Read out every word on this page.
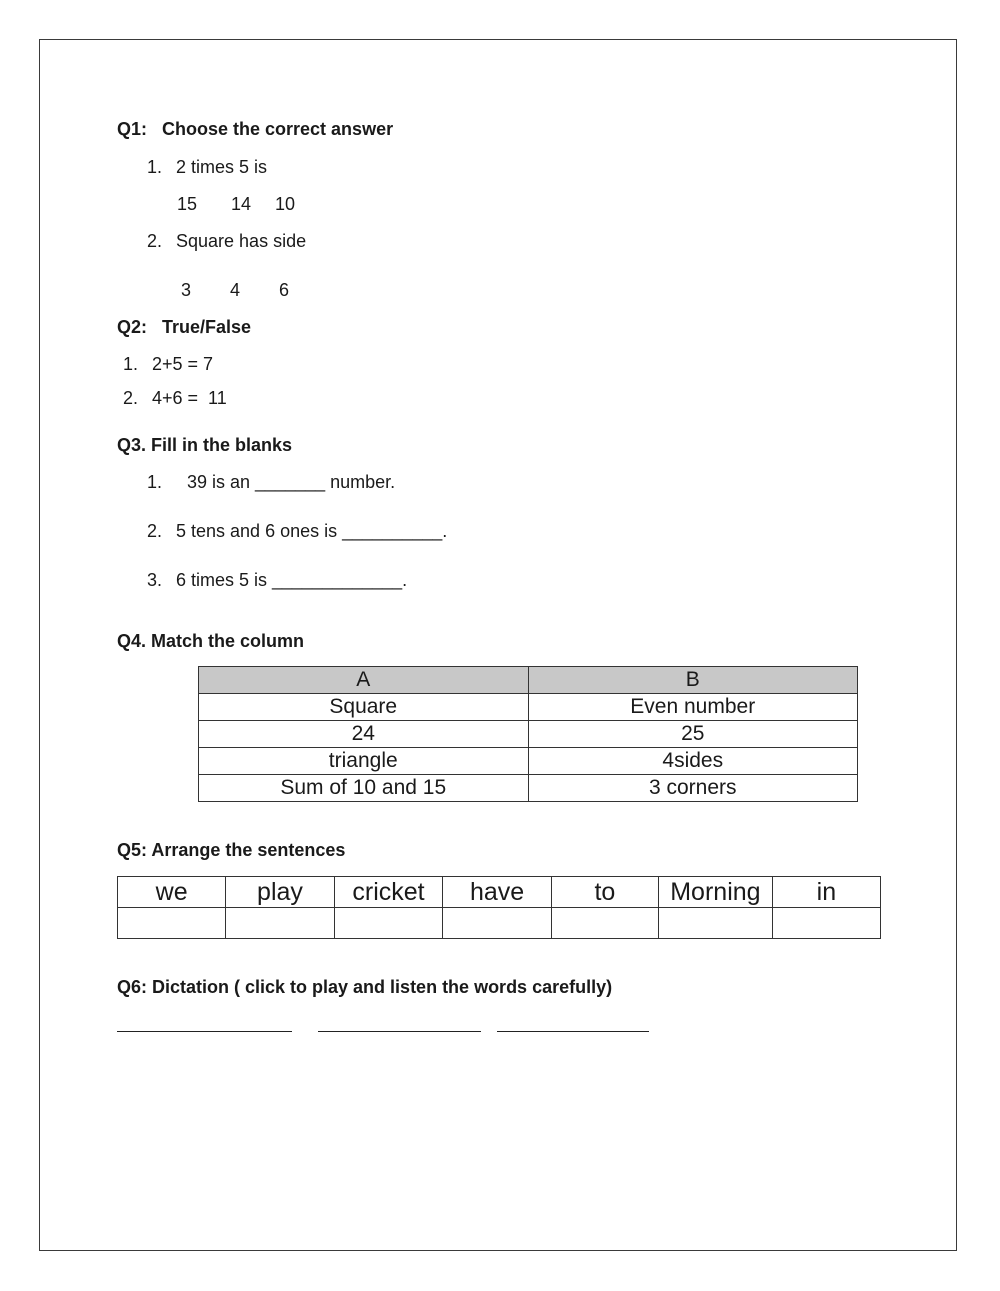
Q1:   Choose the correct answer
1. 2 times 5 is
15 14 10
2. Square has side
3 4 6
Q2:   True/False
1. 2+5 = 7
2. 4+6 =  11
Q3. Fill in the blanks
1. 39 is an _______ number.
2. 5 tens and 6 ones is __________.
3. 6 times 5 is _____________.
Q4. Match the column
A	B
Square	Even number
24	25
triangle	4sides
Sum of 10 and 15	3 corners
Q5: Arrange the sentences
we	play	cricket	have	to	Morning	in

Q6: Dictation ( click to play and listen the words carefully)
